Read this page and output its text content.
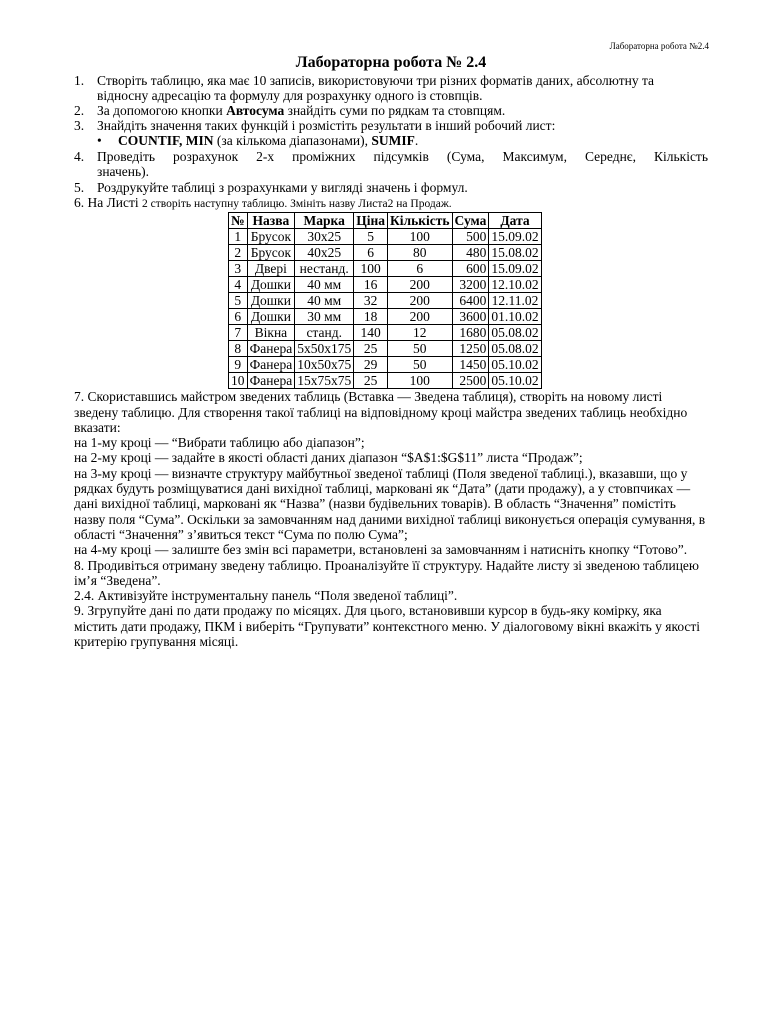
Лабораторна робота №2.4
Лабораторна робота № 2.4
1. Створіть таблицю, яка має 10 записів, використовуючи три різних форматів даних, абсолютну та відносну адресацію та формулу для розрахунку одного із стовпців.
2. За допомогою кнопки Автосума знайдіть суми по рядкам та стовпцям.
3. Знайдіть значення таких функцій і розмістіть результати в інший робочий лист:
• COUNTIF, MIN (за кількома діапазонами), SUMIF.
4. Проведіть розрахунок 2-х проміжних підсумків (Сума, Максимум, Середнє, Кількість
значень).
5. Роздрукуйте таблиці з розрахунками у вигляді значень і формул.

6. На Листі 2 створіть наступну таблицю. Змініть назву Листа2 на Продаж.

№	Назва	Марка	Ціна	Кількість	Сума	Дата
1	Брусок	30x25	5	100	500	15.09.02
2	Брусок	40x25	6	80	480	15.08.02
3	Двері	нестанд.	100	6	600	15.09.02
4	Дошки	40 мм	16	200	3200	12.10.02
5	Дошки	40 мм	32	200	6400	12.11.02
6	Дошки	30 мм	18	200	3600	01.10.02
7	Вікна	станд.	140	12	1680	05.08.02
8	Фанера	5x50x175	25	50	1250	05.08.02
9	Фанера	10x50x75	29	50	1450	05.10.02
10	Фанера	15x75x75	25	100	2500	05.10.02

7. Скориставшись майстром зведених таблиць (Вставка — Зведена таблиця), створіть на новому листі зведену таблицю. Для створення такої таблиці на відповідному кроці майстра зведених таблиць необхідно вказати:

на 1-му кроці — “Вибрати таблицю або діапазон”;

на 2-му кроці — задайте в якості області даних діапазон “$A$1:$G$11” листа “Продаж”;

на 3-му кроці — визначте структуру майбутньої зведеної таблиці (Поля зведеної таблиці.), вказавши, що у рядках будуть розміщуватися дані вихідної таблиці, марковані як “Дата” (дати продажу), а у стовпчиках — дані вихідної таблиці, марковані як “Назва” (назви будівельних товарів). В область “Значення” помістіть назву поля “Сума”. Оскільки за замовчанням над даними вихідної таблиці виконується операція сумування, в області “Значення” з’явиться текст “Сума по полю Сума”;

на 4-му кроці — залиште без змін всі параметри, встановлені за замовчанням і натисніть кнопку “Готово”.

8. Продивіться отриману зведену таблицю. Проаналізуйте її структуру. Надайте листу зі зведеною таблицею ім’я “Зведена”.

2.4. Активізуйте інструментальну панель “Поля зведеної таблиці”.

9. Згрупуйте дані по дати продажу по місяцях. Для цього, встановивши курсор в будь-яку комірку, яка містить дати продажу, ПКМ і виберіть “Групувати” контекстного меню. У діалоговому вікні вкажіть у якості критерію групування місяці.
